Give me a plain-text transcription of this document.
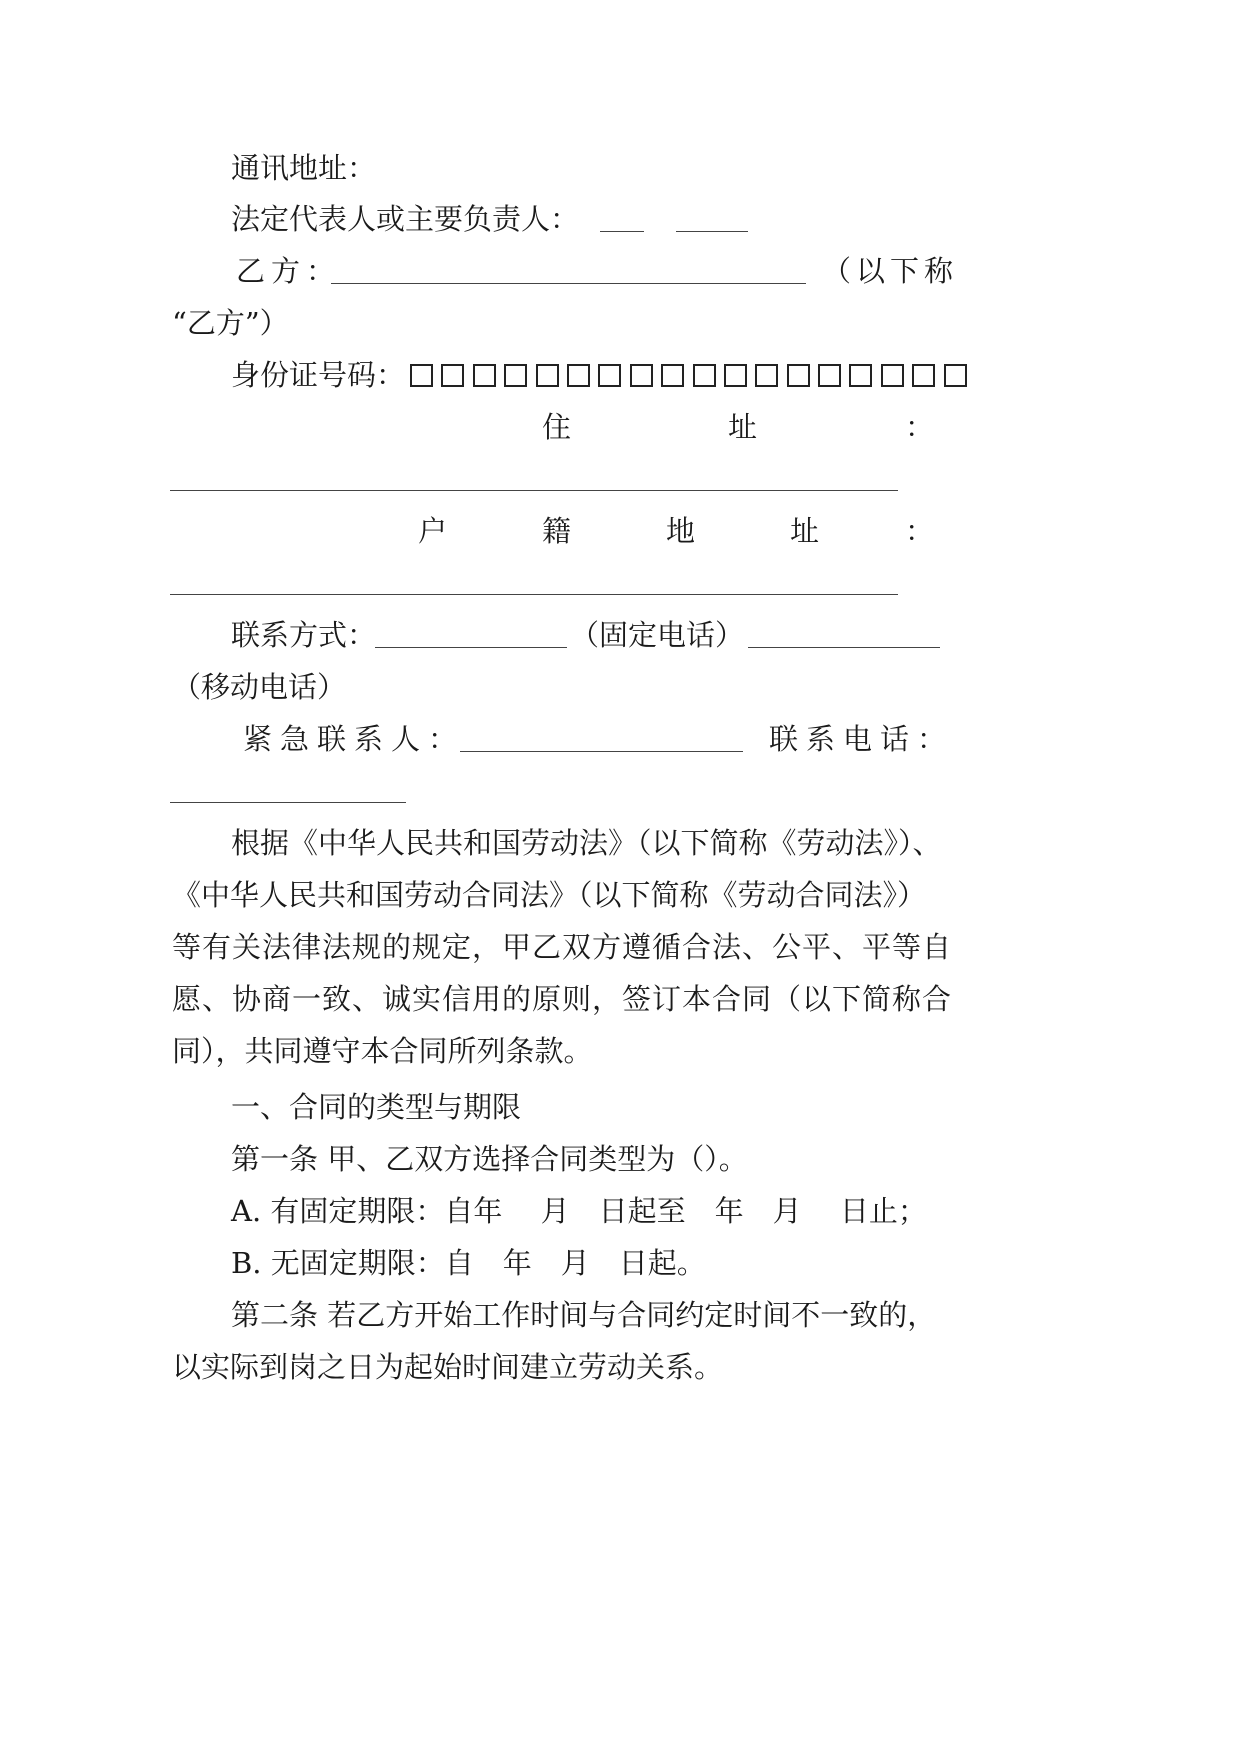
通讯地址：
法定代表人或主要负责人：
乙方：	（以下称
“乙方”）
身份证号码：
住	址	：
户	籍	地	址	：
联系方式：	（固定电话）
（移动电话）
紧急联系人：	联系电话：
根据《中华人民共和国劳动法》（以下简称《劳动法》）、
《中华人民共和国劳动合同法》（以下简称《劳动合同法》）
等有关法律法规的规定，甲乙双方遵循合法、公平、平等自
愿、协商一致、诚实信用的原则，签订本合同（以下简称合
同），共同遵守本合同所列条款。
一、合同的类型与期限
第一条 甲、乙双方选择合同类型为（）。
A. 有固定期限：自年　 月　日起至　年　月　 日止；
B. 无固定期限：自　年　月　日起。
第二条 若乙方开始工作时间与合同约定时间不一致的，
以实际到岗之日为起始时间建立劳动关系。
